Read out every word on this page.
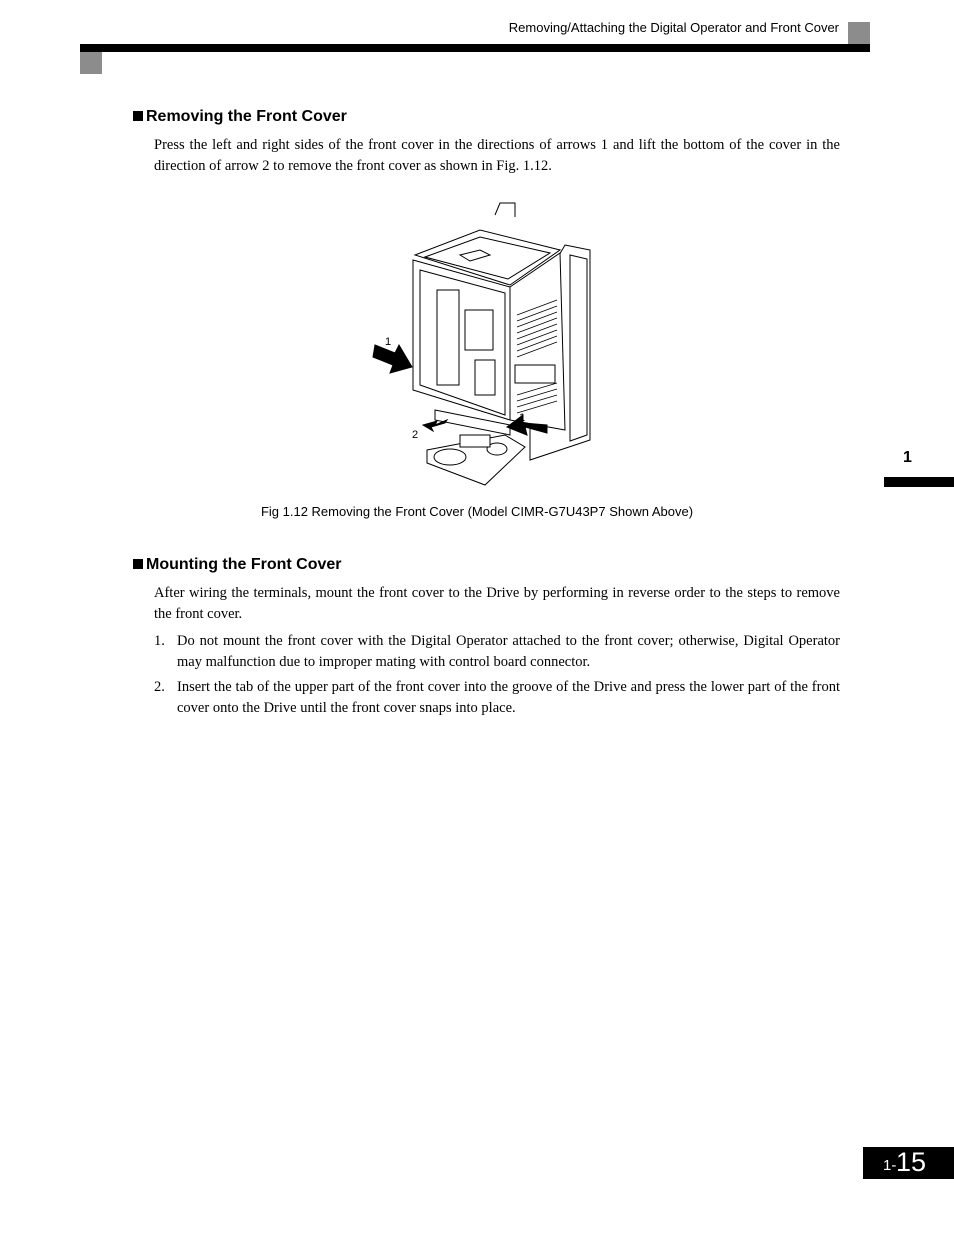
Removing/Attaching the Digital Operator and Front Cover
Removing the Front Cover
Press the left and right sides of the front cover in the directions of arrows 1 and lift the bottom of the cover in the direction of arrow 2 to remove the front cover as shown in Fig. 1.12.
1
1
2
Fig 1.12 Removing the Front Cover (Model CIMR-G7U43P7 Shown Above)
Mounting the Front Cover
After wiring the terminals, mount the front cover to the Drive by performing in reverse order to the steps to remove the front cover.
1. Do not mount the front cover with the Digital Operator attached to the front cover; otherwise, Digital Operator may malfunction due to improper mating with control board connector.
2. Insert the tab of the upper part of the front cover into the groove of the Drive and press the lower part of the front cover onto the Drive until the front cover snaps into place.
1
1- 15
